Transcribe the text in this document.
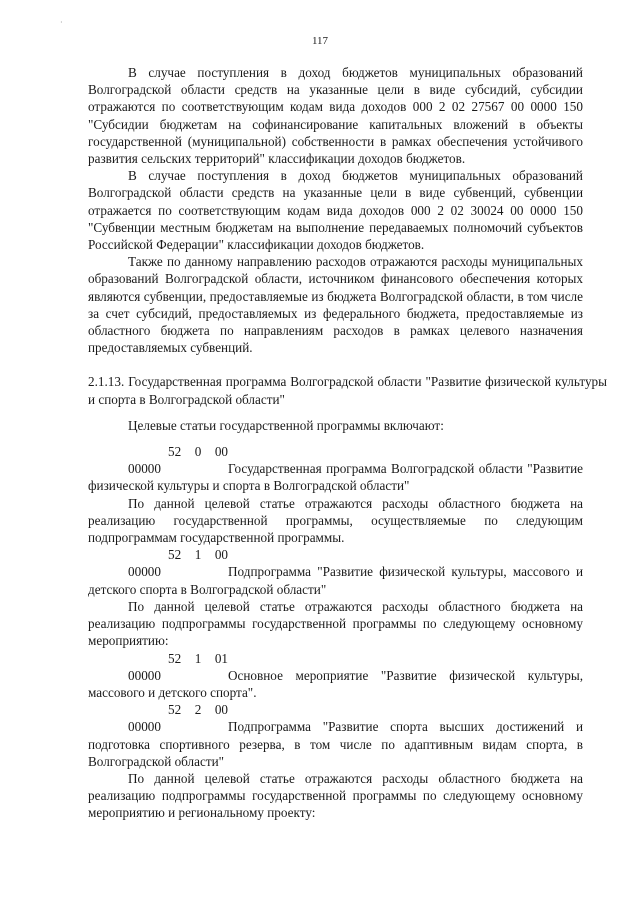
·
117

В случае поступления в доход бюджетов муниципальных образований Волгоградской области средств на указанные цели в виде субсидий, субсидии отражаются по соответствующим кодам вида доходов 000 2 02 27567 00 0000 150 "Субсидии бюджетам на софинансирование капитальных вложений в объекты государственной (муниципальной) собственности в рамках обеспечения устойчивого развития сельских территорий" классификации доходов бюджетов.

В случае поступления в доход бюджетов муниципальных образований Волгоградской области средств на указанные цели в виде субвенций, субвенции отражается по соответствующим кодам вида доходов 000 2 02 30024 00 0000 150 "Субвенции местным бюджетам на выполнение передаваемых полномочий субъектов Российской Федерации" классификации доходов бюджетов.

Также по данному направлению расходов отражаются расходы муниципальных образований Волгоградской области, источником финансового обеспечения которых являются субвенции, предоставляемые из бюджета Волгоградской области, в том числе за счет субсидий, предоставляемых из федерального бюджета, предоставляемые из областного бюджета по направлениям расходов в рамках целевого назначения предоставляемых субвенций.

2.1.13. Государственная программа Волгоградской области "Развитие физической культуры и спорта в Волгоградской области"

Целевые статьи государственной программы включают:

52 0 00 00000	Государственная программа Волгоградской области "Развитие физической культуры и спорта в Волгоградской области"

По данной целевой статье отражаются расходы областного бюджета на реализацию государственной программы, осуществляемые по следующим подпрограммам государственной программы.

52 1 00 00000	Подпрограмма "Развитие физической культуры, массового и детского спорта в Волгоградской области"

По данной целевой статье отражаются расходы областного бюджета на реализацию подпрограммы государственной программы по следующему основному мероприятию:

52 1 01 00000	Основное мероприятие "Развитие физической культуры, массового и детского спорта".

52 2 00 00000	Подпрограмма "Развитие спорта высших достижений и подготовка спортивного резерва, в том числе по адаптивным видам спорта, в Волгоградской области"

По данной целевой статье отражаются расходы областного бюджета на реализацию подпрограммы государственной программы по следующему основному мероприятию и региональному проекту:
